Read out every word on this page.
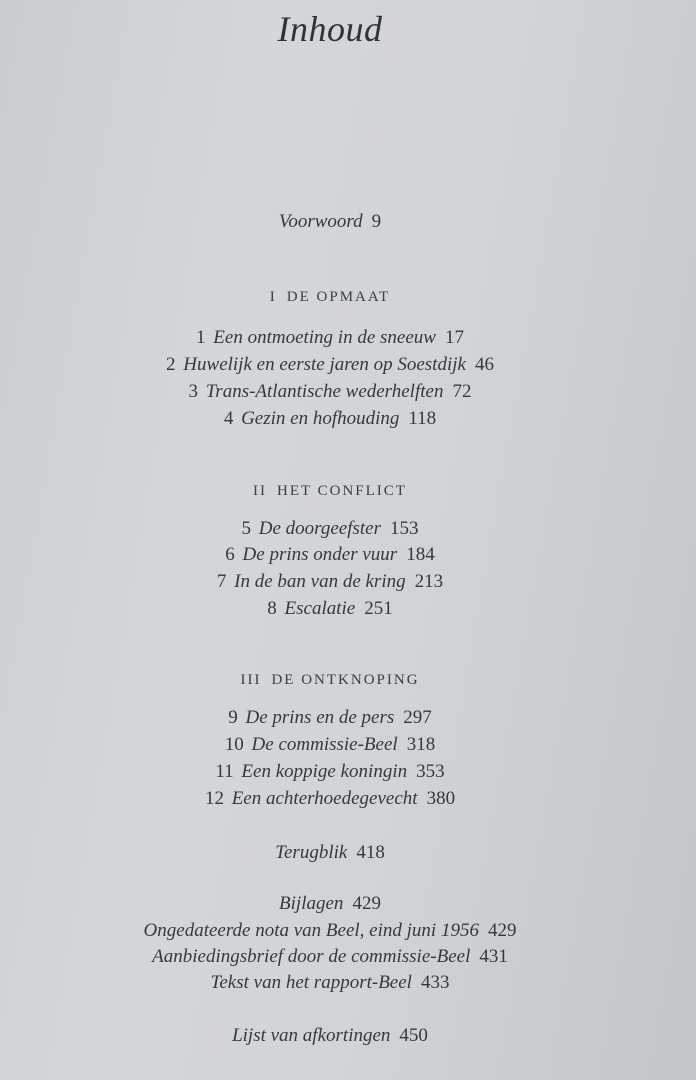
Inhoud
Voorwoord 9
I DE OPMAAT
1 Een ontmoeting in de sneeuw 17
2 Huwelijk en eerste jaren op Soestdijk 46
3 Trans-Atlantische wederhelften 72
4 Gezin en hofhouding 118
II HET CONFLICT
5 De doorgeefster 153
6 De prins onder vuur 184
7 In de ban van de kring 213
8 Escalatie 251
III DE ONTKNOPING
9 De prins en de pers 297
10 De commissie-Beel 318
11 Een koppige koningin 353
12 Een achterhoedegevecht 380
Terugblik 418
Bijlagen 429
Ongedateerde nota van Beel, eind juni 1956 429
Aanbiedingsbrief door de commissie-Beel 431
Tekst van het rapport-Beel 433
Lijst van afkortingen 450
